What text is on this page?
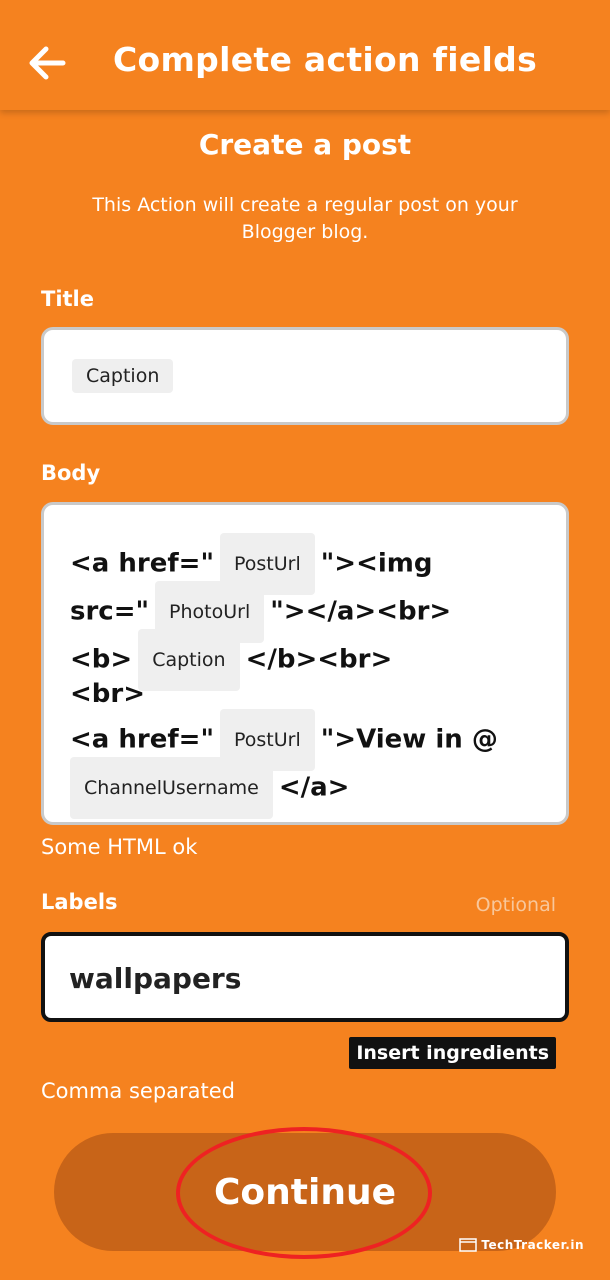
Complete action fields
Create a post
This Action will create a regular post on your Blogger blog.
Title
Caption
Body
<a href=" PostUrl "><img
src=" PhotoUrl "></a><br>
<b> Caption </b><br>
<br>
<a href=" PostUrl ">View in @
ChannelUsername </a>
Some HTML ok
Labels	Optional
wallpapers
Insert ingredients
Comma separated
Continue
TechTracker.in
